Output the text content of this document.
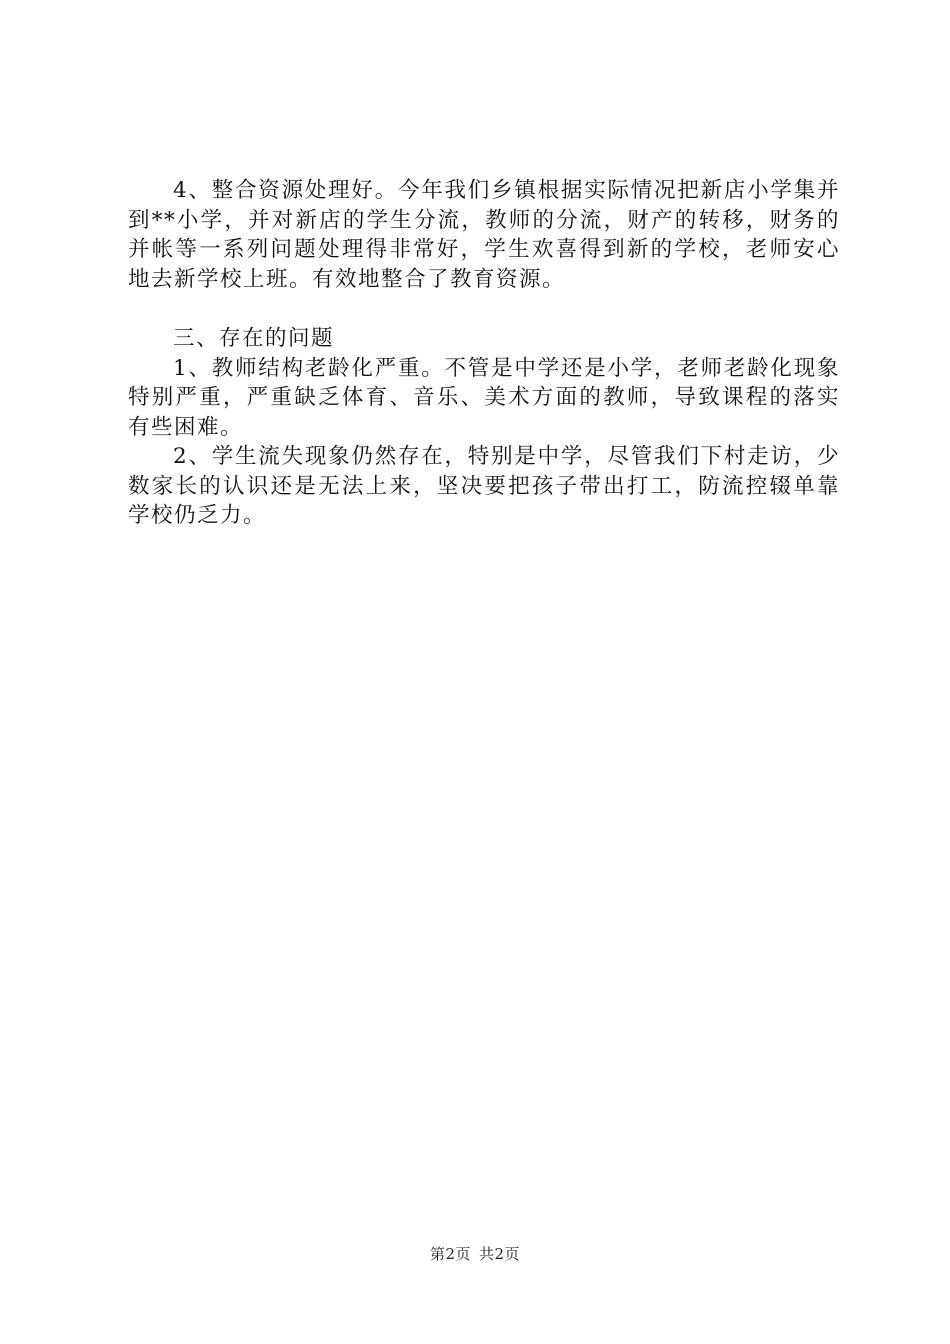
4、整合资源处理好。今年我们乡镇根据实际情况把新店小学集并到**小学，并对新店的学生分流，教师的分流，财产的转移，财务的并帐等一系列问题处理得非常好，学生欢喜得到新的学校，老师安心地去新学校上班。有效地整合了教育资源。

三、存在的问题

1、教师结构老龄化严重。不管是中学还是小学，老师老龄化现象特别严重，严重缺乏体育、音乐、美术方面的教师，导致课程的落实有些困难。

2、学生流失现象仍然存在，特别是中学，尽管我们下村走访，少数家长的认识还是无法上来，坚决要把孩子带出打工，防流控辍单靠学校仍乏力。

第2页 共2页
